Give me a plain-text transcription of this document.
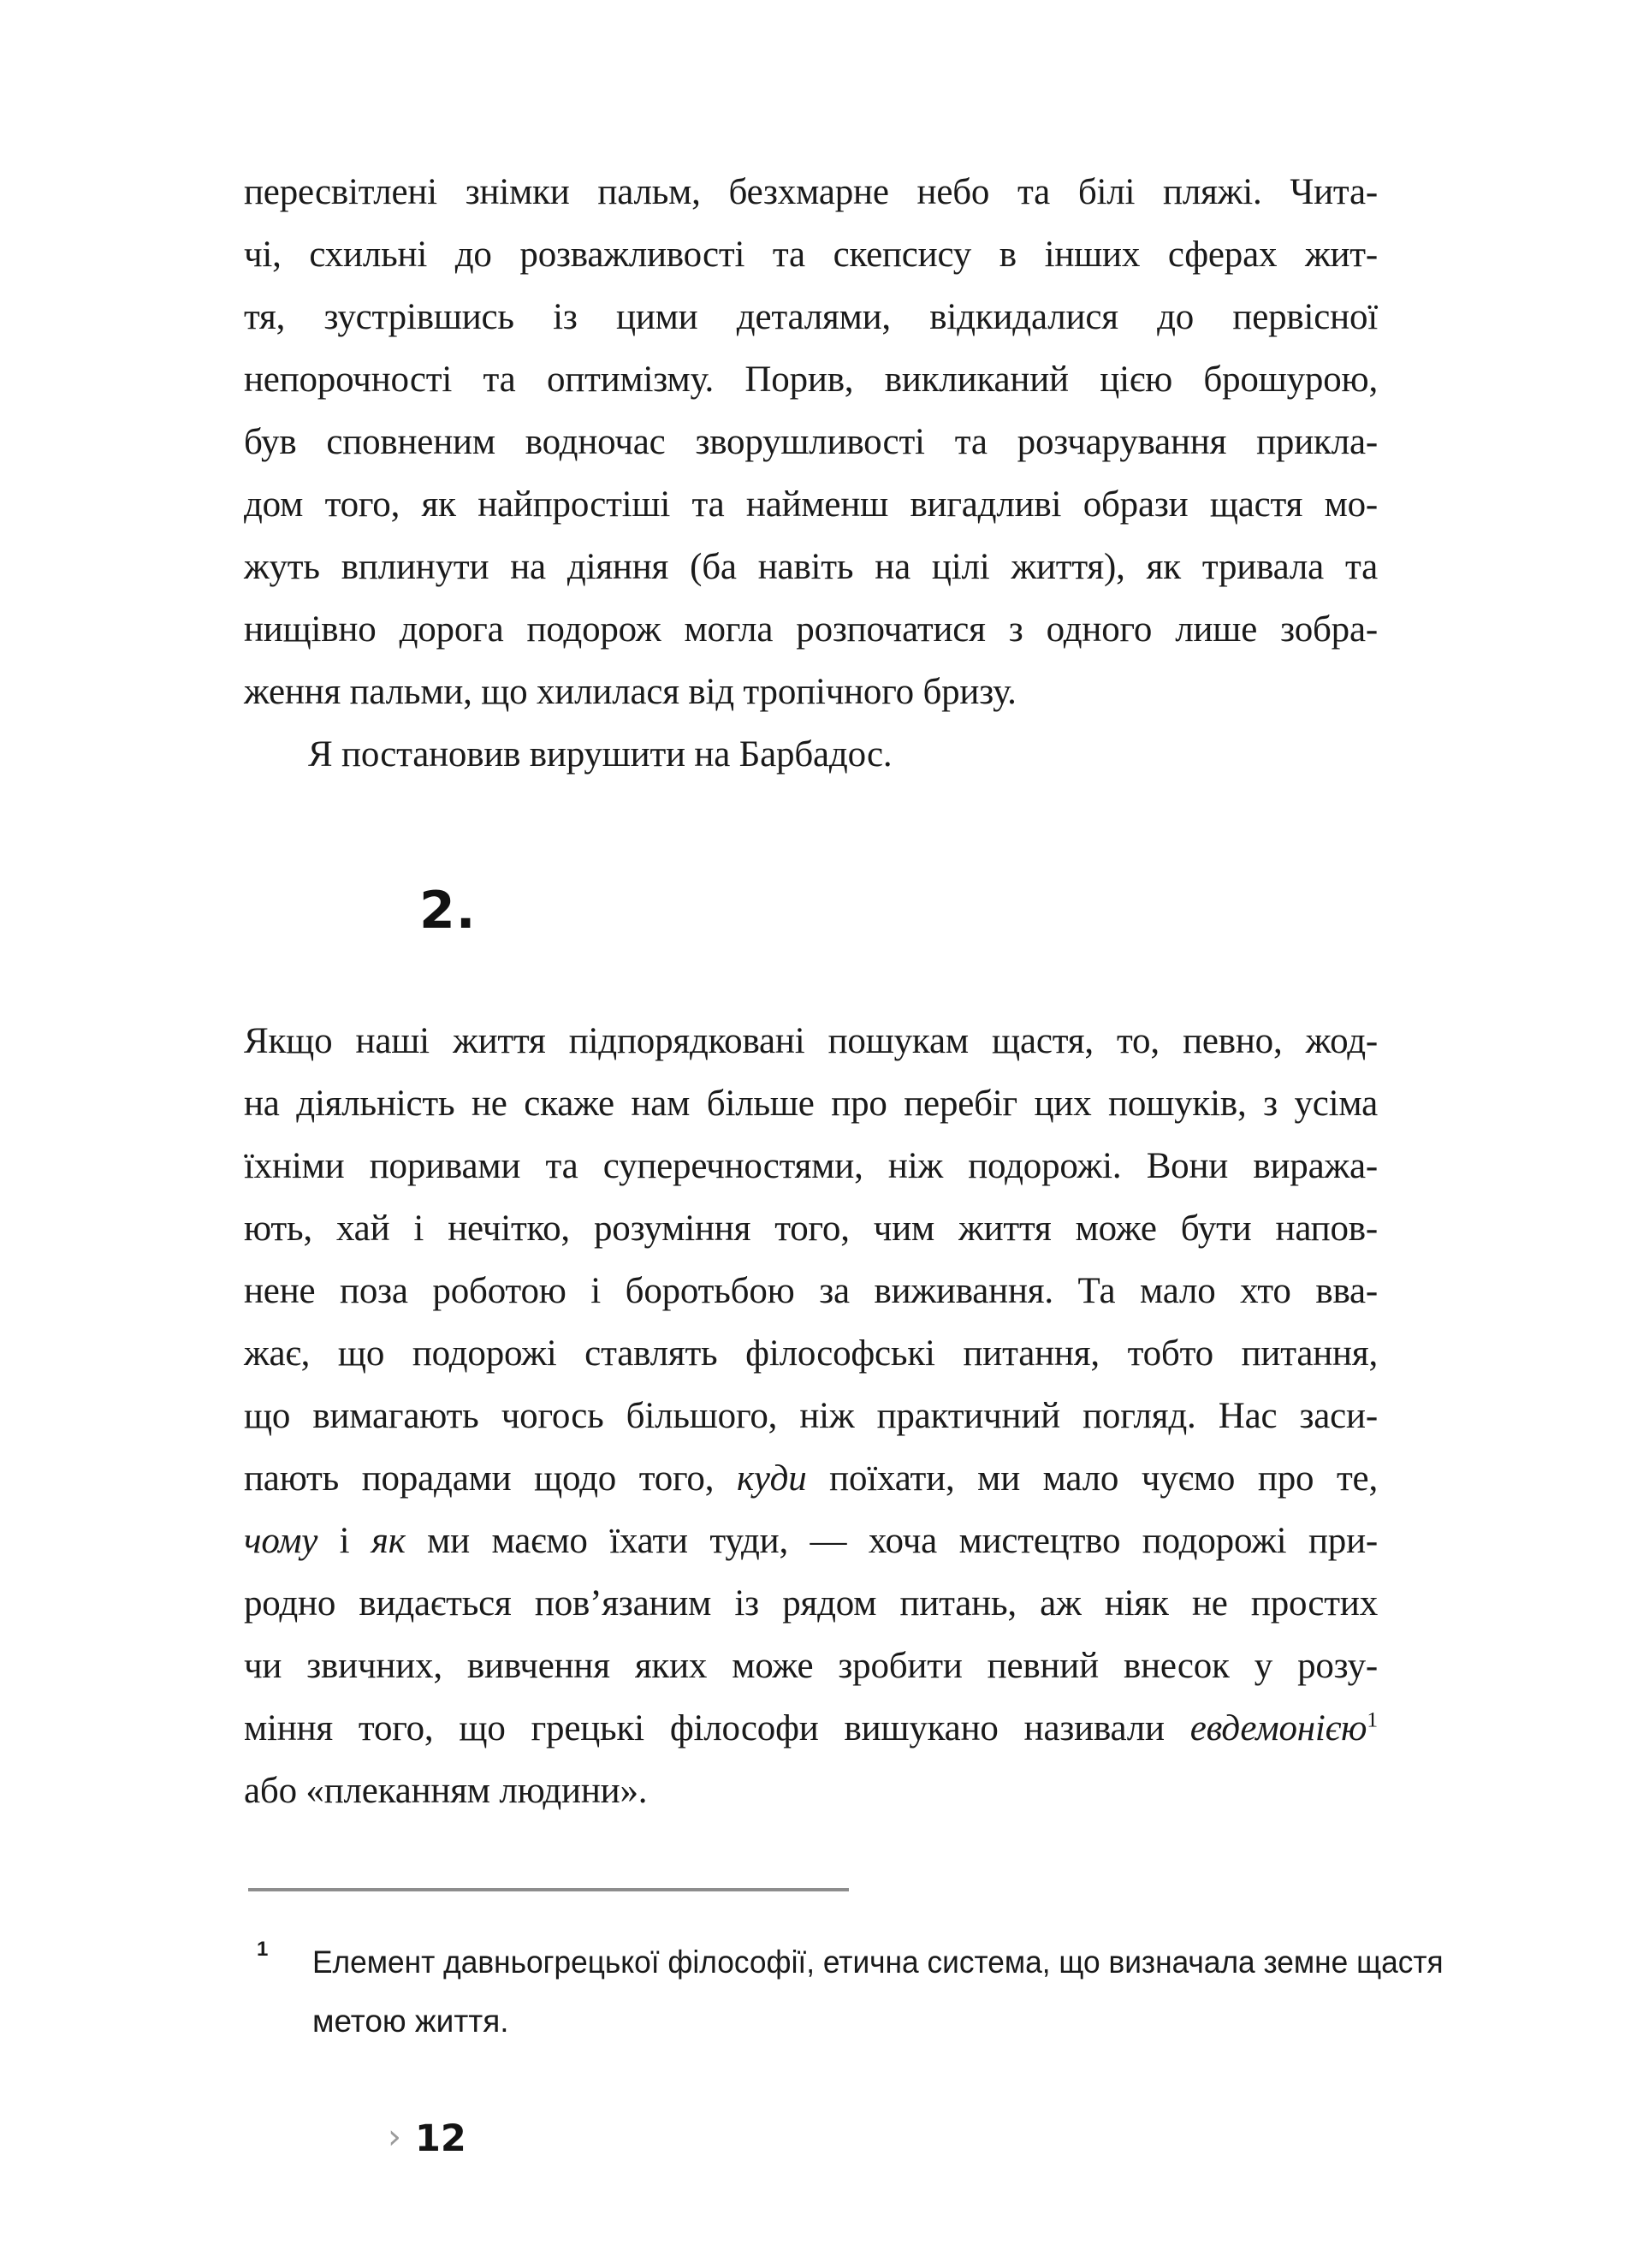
пересвітлені знімки пальм, безхмарне небо та білі пляжі. Чита-
чі, схильні до розважливості та скепсису в інших сферах жит-
тя, зустрівшись із цими деталями, відкидалися до первісної
непорочності та оптимізму. Порив, викликаний цією брошурою,
був сповненим водночас зворушливості та розчарування прикла-
дом того, як найпростіші та найменш вигадливі образи щастя мо-
жуть вплинути на діяння (ба навіть на цілі життя), як тривала та
нищівно дорога подорож могла розпочатися з одного лише зобра-
ження пальми, що хилилася від тропічного бризу.
Я постановив вирушити на Барбадос.
2.
Якщо наші життя підпорядковані пошукам щастя, то, певно, жод-
на діяльність не скаже нам більше про перебіг цих пошуків, з усіма
їхніми поривами та суперечностями, ніж подорожі. Вони виража-
ють, хай і нечітко, розуміння того, чим життя може бути напов-
нене поза роботою і боротьбою за виживання. Та мало хто вва-
жає, що подорожі ставлять філософські питання, тобто питання,
що вимагають чогось більшого, ніж практичний погляд. Нас заси-
пають порадами щодо того, куди поїхати, ми мало чуємо про те,
чому і як ми маємо їхати туди, — хоча мистецтво подорожі при-
родно видається пов’язаним із рядом питань, аж ніяк не простих
чи звичних, вивчення яких може зробити певний внесок у розу-
міння того, що грецькі філософи вишукано називали евдемонією$^1$
або «плеканням людини».
1 Елемент давньогрецької філософії, етична система, що визначала земне щастя
метою життя.
› 12
